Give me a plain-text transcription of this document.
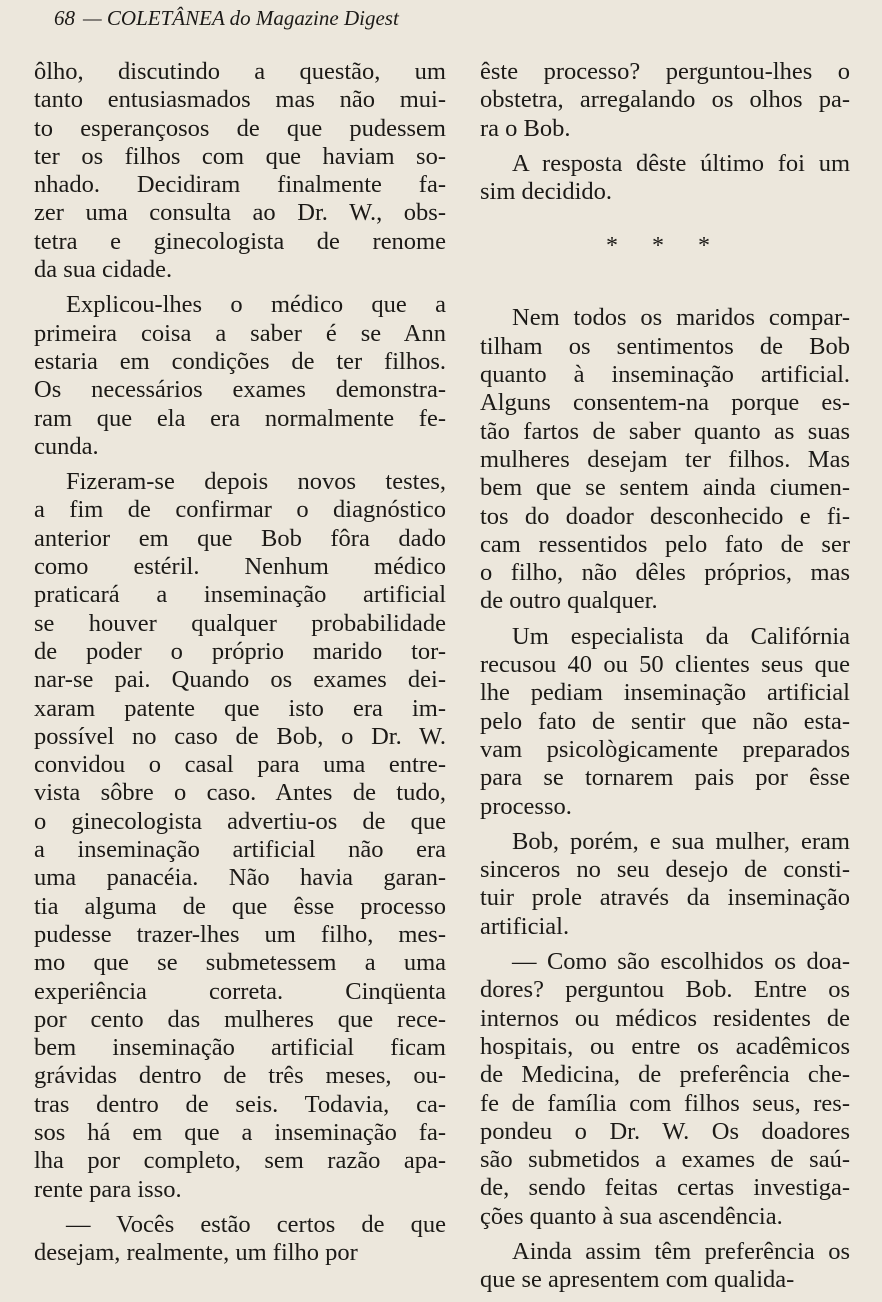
68 — COLETÂNEA do Magazine Digest

ôlho, discutindo a questão, um
tanto entusiasmados mas não mui-
to esperançosos de que pudessem
ter os filhos com que haviam so-
nhado. Decidiram finalmente fa-
zer uma consulta ao Dr. W., obs-
tetra e ginecologista de renome
da sua cidade.

Explicou-lhes o médico que a
primeira coisa a saber é se Ann
estaria em condições de ter filhos.
Os necessários exames demonstra-
ram que ela era normalmente fe-
cunda.

Fizeram-se depois novos testes,
a fim de confirmar o diagnóstico
anterior em que Bob fôra dado
como estéril. Nenhum médico
praticará a inseminação artificial
se houver qualquer probabilidade
de poder o próprio marido tor-
nar-se pai. Quando os exames dei-
xaram patente que isto era im-
possível no caso de Bob, o Dr. W.
convidou o casal para uma entre-
vista sôbre o caso. Antes de tudo,
o ginecologista advertiu-os de que
a inseminação artificial não era
uma panacéia. Não havia garan-
tia alguma de que êsse processo
pudesse trazer-lhes um filho, mes-
mo que se submetessem a uma
experiência correta. Cinqüenta
por cento das mulheres que rece-
bem inseminação artificial ficam
grávidas dentro de três meses, ou-
tras dentro de seis. Todavia, ca-
sos há em que a inseminação fa-
lha por completo, sem razão apa-
rente para isso.

— Vocês estão certos de que
desejam, realmente, um filho por

êste processo? perguntou-lhes o
obstetra, arregalando os olhos pa-
ra o Bob.

A resposta dêste último foi um
sim decidido.

* * *

Nem todos os maridos compar-
tilham os sentimentos de Bob
quanto à inseminação artificial.
Alguns consentem-na porque es-
tão fartos de saber quanto as suas
mulheres desejam ter filhos. Mas
bem que se sentem ainda ciumen-
tos do doador desconhecido e fi-
cam ressentidos pelo fato de ser
o filho, não dêles próprios, mas
de outro qualquer.

Um especialista da Califórnia
recusou 40 ou 50 clientes seus que
lhe pediam inseminação artificial
pelo fato de sentir que não esta-
vam psicològicamente preparados
para se tornarem pais por êsse
processo.

Bob, porém, e sua mulher, eram
sinceros no seu desejo de consti-
tuir prole através da inseminação
artificial.

— Como são escolhidos os doa-
dores? perguntou Bob. Entre os
internos ou médicos residentes de
hospitais, ou entre os acadêmicos
de Medicina, de preferência che-
fe de família com filhos seus, res-
pondeu o Dr. W. Os doadores
são submetidos a exames de saú-
de, sendo feitas certas investiga-
ções quanto à sua ascendência.

Ainda assim têm preferência os
que se apresentem com qualida-
